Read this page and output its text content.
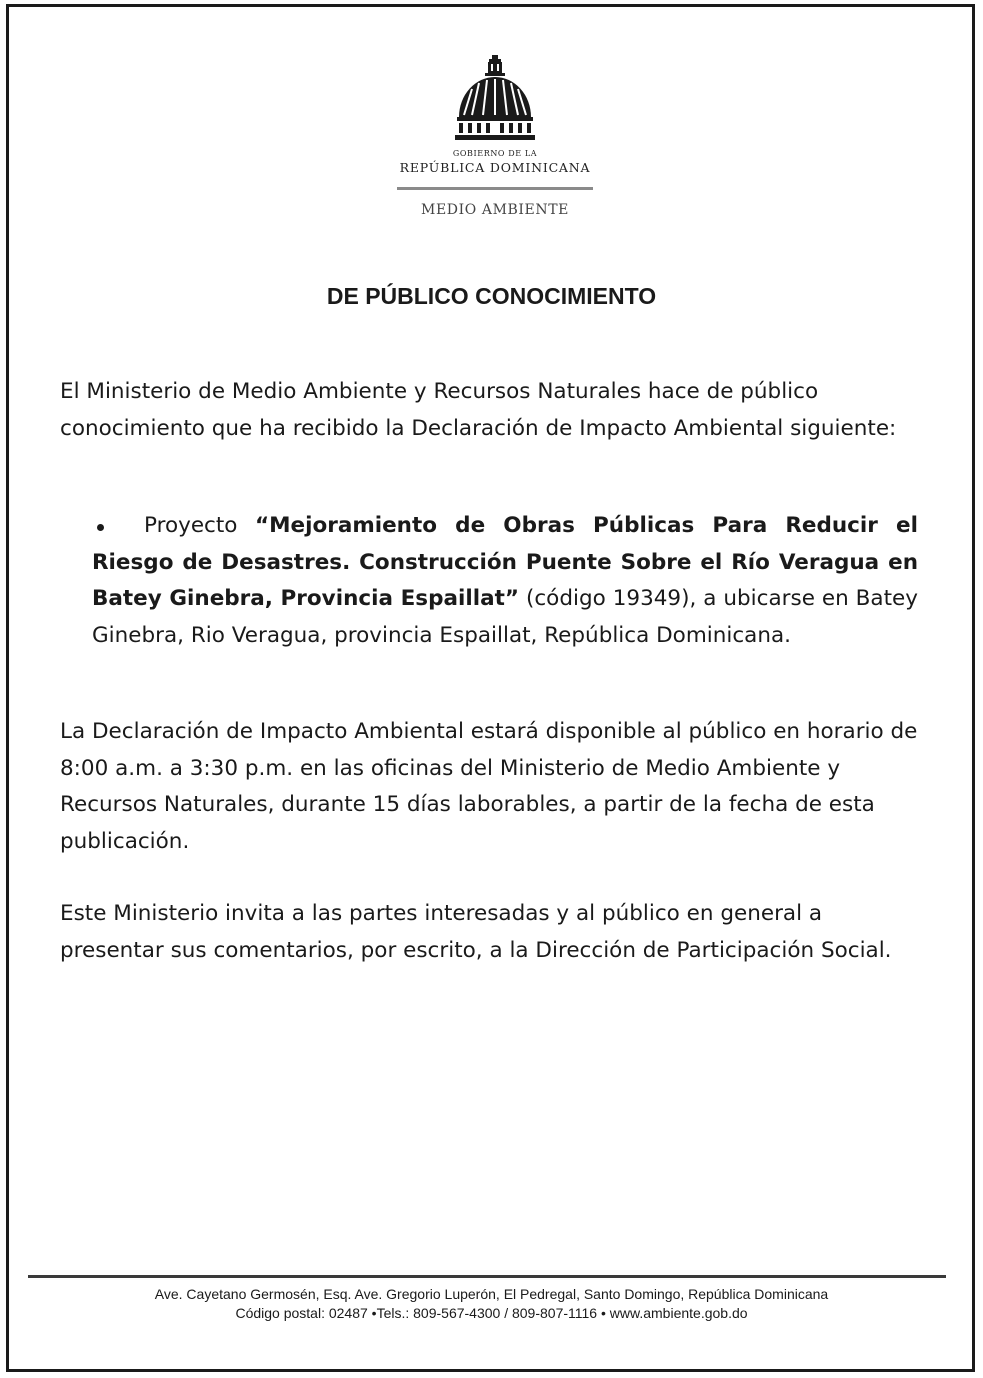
GOBIERNO DE LA
REPÚBLICA DOMINICANA
MEDIO AMBIENTE
DE PÚBLICO CONOCIMIENTO

El Ministerio de Medio Ambiente y Recursos Naturales hace de público conocimiento que ha recibido la Declaración de Impacto Ambiental siguiente:

Proyecto “Mejoramiento de Obras Públicas Para Reducir el Riesgo de Desastres. Construcción Puente Sobre el Río Veragua en Batey Ginebra, Provincia Espaillat” (código 19349), a ubicarse en Batey Ginebra, Rio Veragua, provincia Espaillat, República Dominicana.

La Declaración de Impacto Ambiental estará disponible al público en horario de 8:00 a.m. a 3:30 p.m. en las oficinas del Ministerio de Medio Ambiente y Recursos Naturales, durante 15 días laborables, a partir de la fecha de esta publicación.

Este Ministerio invita a las partes interesadas y al público en general a presentar sus comentarios, por escrito, a la Dirección de Participación Social.

Ave. Cayetano Germosén, Esq. Ave. Gregorio Luperón, El Pedregal, Santo Domingo, República Dominicana
Código postal: 02487 •Tels.: 809-567-4300 / 809-807-1116 • www.ambiente.gob.do
